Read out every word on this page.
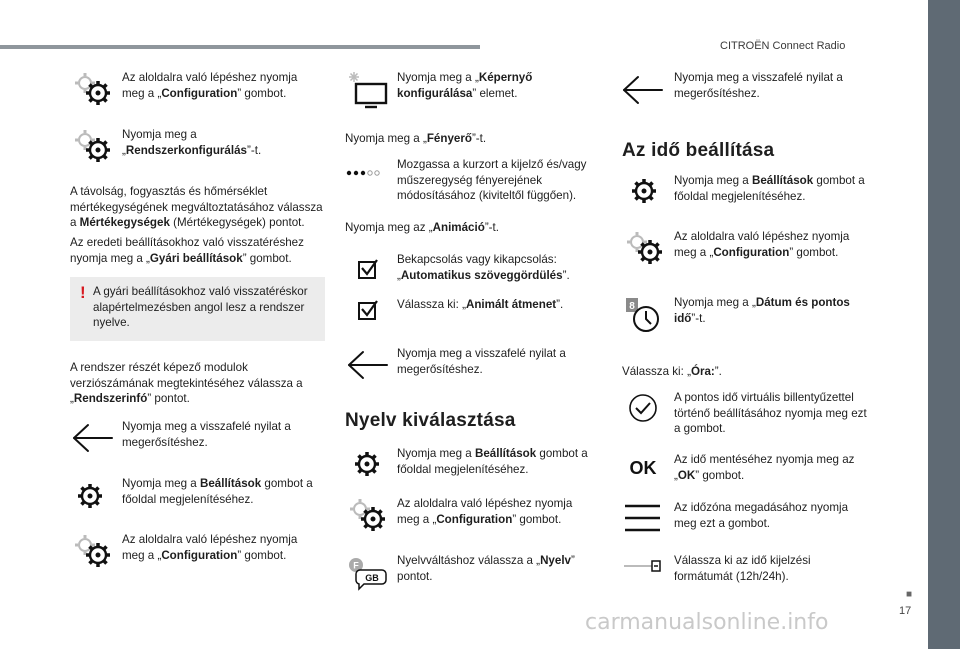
CITROËN Connect Radio
Az aloldalra való lépéshez nyomja meg a „Configuration” gombot.
Nyomja meg a „Rendszerkonfigurálás”-t.

A távolság, fogyasztás és hőmérséklet mértékegységének megváltoztatásához válassza a Mértékegységek (Mértékegységek) pontot.

Az eredeti beállításokhoz való visszatéréshez nyomja meg a „Gyári beállítások” gombot.

! A gyári beállításokhoz való visszatéréskor alapértelmezésben angol lesz a rendszer nyelve.

A rendszer részét képező modulok verziószámának megtekintéséhez válassza a „Rendszerinfó” pontot.

Nyomja meg a visszafelé nyilat a megerősítéshez.
Nyomja meg a Beállítások gombot a főoldal megjelenítéséhez.
Az aloldalra való lépéshez nyomja meg a „Configuration” gombot.
Nyomja meg a „Képernyő konfigurálása” elemet.

Nyomja meg a „Fényerő”-t.

Mozgassa a kurzort a kijelző és/vagy műszeregység fényerejének módosításához (kiviteltől függően).

Nyomja meg az „Animáció”-t.

Bekapcsolás vagy kikapcsolás: „Automatikus szöveggördülés”.
Válassza ki: „Animált átmenet”.
Nyomja meg a visszafelé nyilat a megerősítéshez.
Nyelv kiválasztása
Nyomja meg a Beállítások gombot a főoldal megjelenítéséhez.
Az aloldalra való lépéshez nyomja meg a „Configuration” gombot.
F
GB
Nyelvváltáshoz válassza a „Nyelv” pontot.
Nyomja meg a visszafelé nyilat a megerősítéshez.
Az idő beállítása
Nyomja meg a Beállítások gombot a főoldal megjelenítéséhez.
Az aloldalra való lépéshez nyomja meg a „Configuration” gombot.
8	Nyomja meg a „Dátum és pontos idő”-t.

Válassza ki: „Óra:”.

A pontos idő virtuális billentyűzettel történő beállításához nyomja meg ezt a gombot.
OK Az idő mentéséhez nyomja meg az „OK” gombot.
Az időzóna megadásához nyomja meg ezt a gombot.
Válassza ki az idő kijelzési formátumát (12h/24h).
■
17
carmanualsonline.info
